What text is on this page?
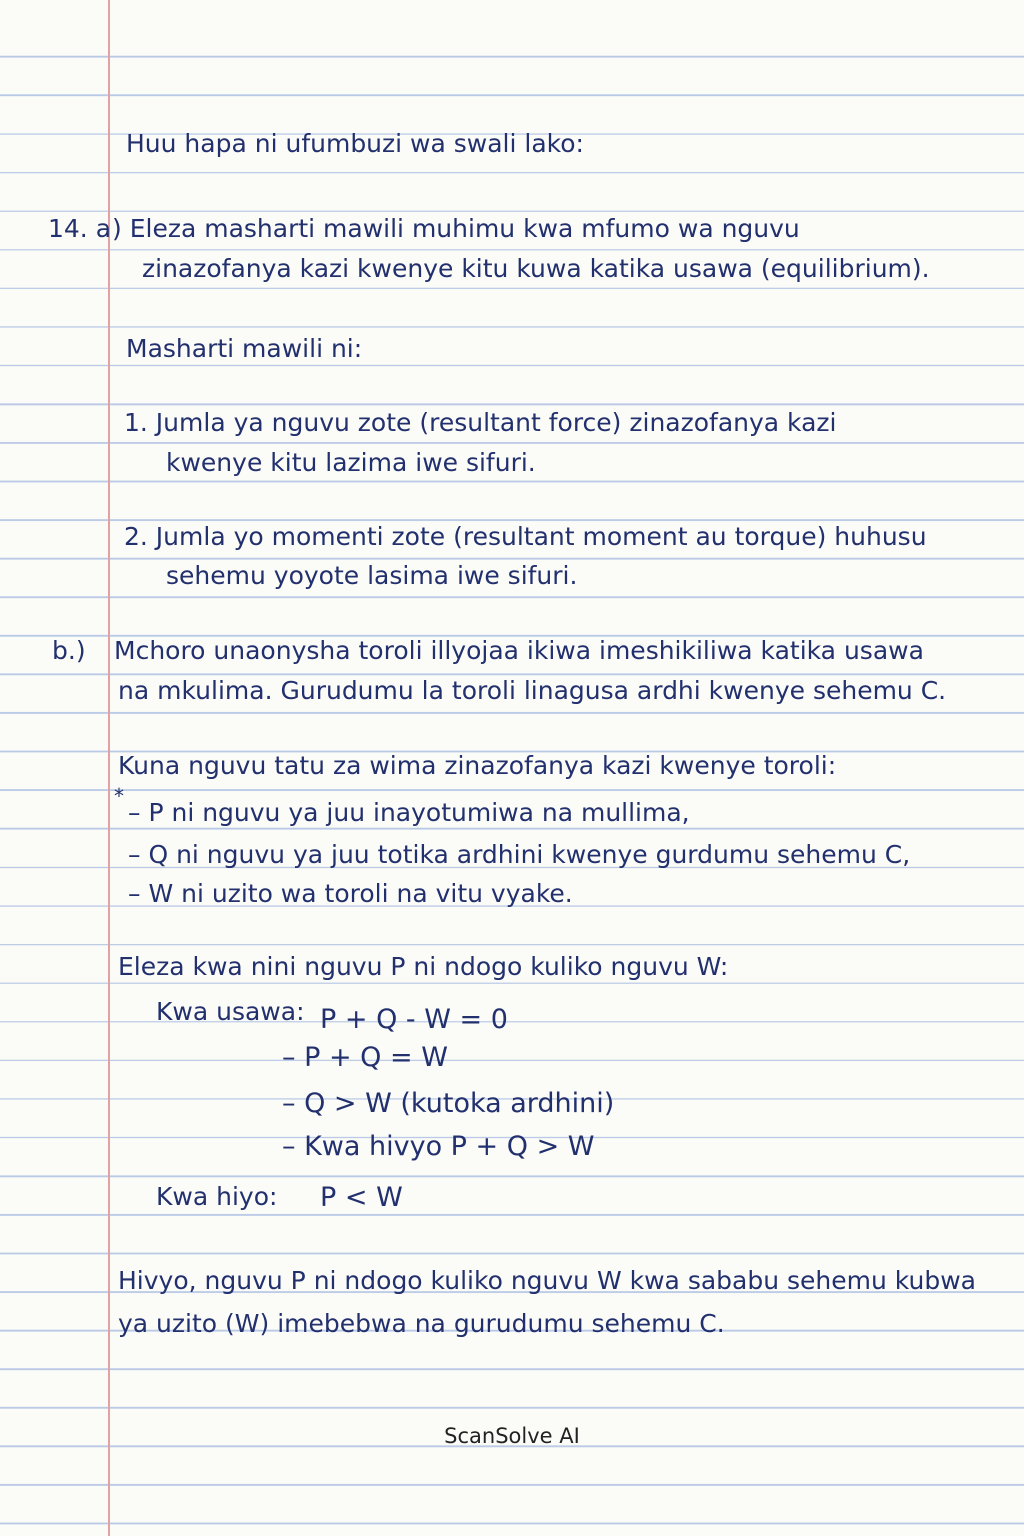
Huu hapa ni ufumbuzi wa swali lako:
14. a ) Eleza masharti mawili muhimu kwa mfumo wa nguvu
zinazofanya kazi kwenye kitu kuwa katika usawa (equilibrium).
Masharti mawili ni:
1. Jumla ya nguvu zote (resultant force) zinazofanya kazi
kwenye kitu lazima iwe sifuri.
2. Jumla yo momenti zote (resultant moment au torque) huhusu
sehemu yoyote lasima iwe sifuri.
b.) Mchoro unaonysha toroli illyojaa ikiwa imeshikiliwa katika usawa
na mkulima. Gurudumu la toroli linagusa ardhi kwenye sehemu C.
Kuna nguvu tatu za wima zinazofanya kazi kwenye toroli:
*
– P ni nguvu ya juu inayotumiwa na mullima,
– Q ni nguvu ya juu totika ardhini kwenye gurdumu sehemu C,
– W ni uzito wa toroli na vitu vyake.
Eleza kwa nini nguvu P ni ndogo kuliko nguvu W:
Kwa usawa: P + Q - W = 0
– P + Q = W
– Q > W (kutoka ardhini)
– Kwa hivyo P + Q > W
Kwa hiyo: P < W
Hivyo, nguvu P ni ndogo kuliko nguvu W kwa sababu sehemu kubwa
ya uzito (W) imebebwa na gurudumu sehemu C.
ScanSolve AI
